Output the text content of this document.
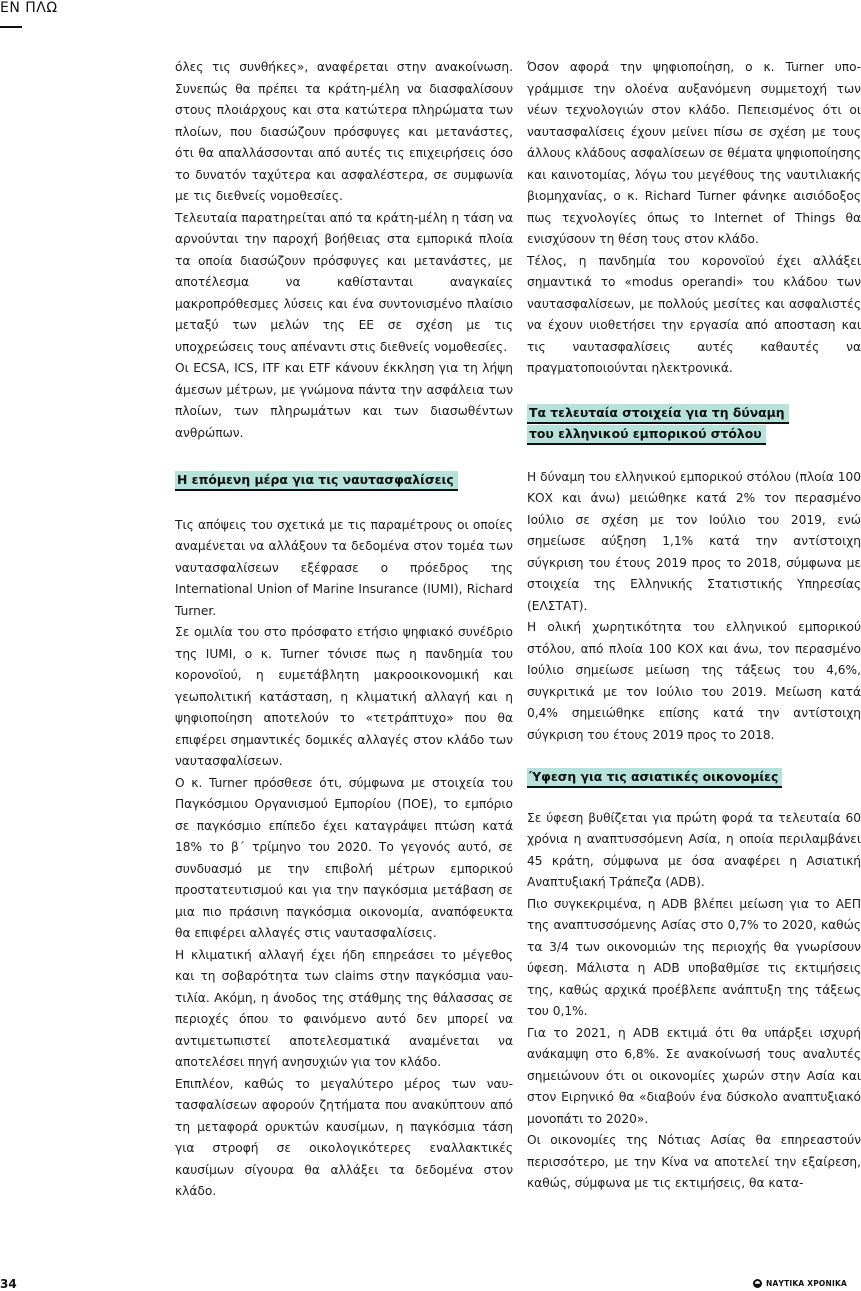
ΕΝ ΠΛΩ

όλες τις συνθήκες», αναφέρεται στην ανακοίνωση. Συνεπώς θα πρέπει τα κράτη-μέλη να διασφαλίσουν στους πλοιάρχους και στα κατώτερα πληρώματα των πλοίων, που διασώζουν πρόσφυγες και μετανάστες, ότι θα απαλλάσσονται από αυτές τις επιχειρήσεις όσο το δυνατόν ταχύτερα και ασφαλέστερα, σε συμφωνία με τις διεθνείς νομοθεσίες.

Τελευταία παρατηρείται από τα κράτη-μέλη η τάση να αρνούνται την παροχή βοήθειας στα εμπορικά πλοία τα οποία διασώζουν πρόσφυγες και μετανάστες, με αποτέλεσμα να καθίστανται αναγκαίες μακροπρόθεσμες λύσεις και ένα συντονισμένο πλαίσιο μεταξύ των μελών της ΕΕ σε σχέση με τις υποχρεώσεις τους απέναντι στις διεθνείς νομοθεσίες.

Οι ECSA, ICS, ITF και ETF κάνουν έκκληση για τη λήψη άμεσων μέτρων, με γνώμονα πάντα την ασφάλεια των πλοίων, των πληρωμάτων και των διασωθέντων ανθρώπων.

Η επόμενη μέρα για τις ναυτασφαλίσεις

Τις απόψεις του σχετικά με τις παραμέτρους οι οποίες αναμένεται να αλλάξουν τα δεδομένα στον τομέα των ναυτασφαλίσεων εξέφρασε ο πρόεδρος της International Union of Marine Insurance (IUMI), Richard Turner.

Σε ομιλία του στο πρόσφατο ετήσιο ψηφιακό συνέδριο της IUMI, ο κ. Turner τόνισε πως η πανδημία του κορονοϊού, η ευμετάβλητη μακροοικονομική και γεωπολιτική κατάσταση, η κλιματική αλλαγή και η ψηφιοποίηση αποτελούν το «τετράπτυχο» που θα επιφέρει σημαντικές δομικές αλλαγές στον κλάδο των ναυτασφαλίσεων.

Ο κ. Turner πρόσθεσε ότι, σύμφωνα με στοιχεία του Παγκόσμιου Οργανισμού Εμπορίου (ΠΟΕ), το εμπόριο σε παγκόσμιο επίπεδο έχει καταγράψει πτώση κατά 18% το β΄ τρίμηνο του 2020. Το γεγονός αυτό, σε συνδυασμό με την επιβολή μέτρων εμπορικού προστατευτισμού και για την παγκόσμια μετάβαση σε μια πιο πράσινη παγκόσμια οικονομία, αναπόφευκτα θα επιφέρει αλλαγές στις ναυτασφαλίσεις.

Η κλιματική αλλαγή έχει ήδη επηρεάσει το μέγεθος και τη σοβαρότητα των claims στην παγκόσμια ναυτιλία. Ακόμη, η άνοδος της στάθμης της θάλασσας σε περιοχές όπου το φαινόμενο αυτό δεν μπορεί να αντιμετωπιστεί αποτελεσματικά αναμένεται να αποτελέσει πηγή ανησυχιών για τον κλάδο.

Επιπλέον, καθώς το μεγαλύτερο μέρος των ναυτασφαλίσεων αφορούν ζητήματα που ανακύπτουν από τη μεταφορά ορυκτών καυσίμων, η παγκόσμια τάση για στροφή σε οικολογικότερες εναλλακτικές καυσίμων σίγουρα θα αλλάξει τα δεδομένα στον κλάδο.

Όσον αφορά την ψηφιοποίηση, ο κ. Turner υπογράμμισε την ολοένα αυξανόμενη συμμετοχή των νέων τεχνολογιών στον κλάδο. Πεπεισμένος ότι οι ναυτασφαλίσεις έχουν μείνει πίσω σε σχέση με τους άλλους κλάδους ασφαλίσεων σε θέματα ψηφιοποίησης και καινοτομίας, λόγω του μεγέθους της ναυτιλιακής βιομηχανίας, ο κ. Richard Turner φάνηκε αισιόδοξος πως τεχνολογίες όπως το Internet of Things θα ενισχύσουν τη θέση τους στον κλάδο.

Τέλος, η πανδημία του κορονοϊού έχει αλλάξει σημαντικά το «modus operandi» του κλάδου των ναυτασφαλίσεων, με πολλούς μεσίτες και ασφαλιστές να έχουν υιοθετήσει την εργασία από αποσταση και τις ναυτασφαλίσεις αυτές καθαυτές να πραγματοποιούνται ηλεκτρονικά.

Τα τελευταία στοιχεία για τη δύναμη
του ελληνικού εμπορικού στόλου

Η δύναμη του ελληνικού εμπορικού στόλου (πλοία 100 ΚΟΧ και άνω) μειώθηκε κατά 2% τον περασμένο Ιούλιο σε σχέση με τον Ιούλιο του 2019, ενώ σημείωσε αύξηση 1,1% κατά την αντίστοιχη σύγκριση του έτους 2019 προς το 2018, σύμφωνα με στοιχεία της Ελληνικής Στατιστικής Υπηρεσίας (ΕΛΣΤΑΤ).

Η ολική χωρητικότητα του ελληνικού εμπορικού στόλου, από πλοία 100 ΚΟΧ και άνω, τον περασμένο Ιούλιο σημείωσε μείωση της τάξεως του 4,6%, συγκριτικά με τον Ιούλιο του 2019. Μείωση κατά 0,4% σημειώθηκε επίσης κατά την αντίστοιχη σύγκριση του έτους 2019 προς το 2018.

Ύφεση για τις ασιατικές οικονομίες

Σε ύφεση βυθίζεται για πρώτη φορά τα τελευταία 60 χρόνια η αναπτυσσόμενη Ασία, η οποία περιλαμβάνει 45 κράτη, σύμφωνα με όσα αναφέρει η Ασιατική Αναπτυξιακή Τράπεζα (ADB).

Πιο συγκεκριμένα, η ADB βλέπει μείωση για το ΑΕΠ της αναπτυσσόμενης Ασίας στο 0,7% το 2020, καθώς τα 3/4 των οικονομιών της περιοχής θα γνωρίσουν ύφεση. Μάλιστα η ADB υποβαθμίσε τις εκτιμήσεις της, καθώς αρχικά προέβλεπε ανάπτυξη της τάξεως του 0,1%.

Για το 2021, η ADB εκτιμά ότι θα υπάρξει ισχυρή ανάκαμψη στο 6,8%. Σε ανακοίνωσή τους αναλυτές σημειώνουν ότι οι οικονομίες χωρών στην Ασία και στον Ειρηνικό θα «διαβούν ένα δύσκολο αναπτυξιακό μονοπάτι το 2020».

Οι οικονομίες της Νότιας Ασίας θα επηρεαστούν περισσότερο, με την Κίνα να αποτελεί την εξαίρεση, καθώς, σύμφωνα με τις εκτιμήσεις, θα κατα-

34	ΝΑΥΤΙΚΑ ΧΡΟΝΙΚΑ
